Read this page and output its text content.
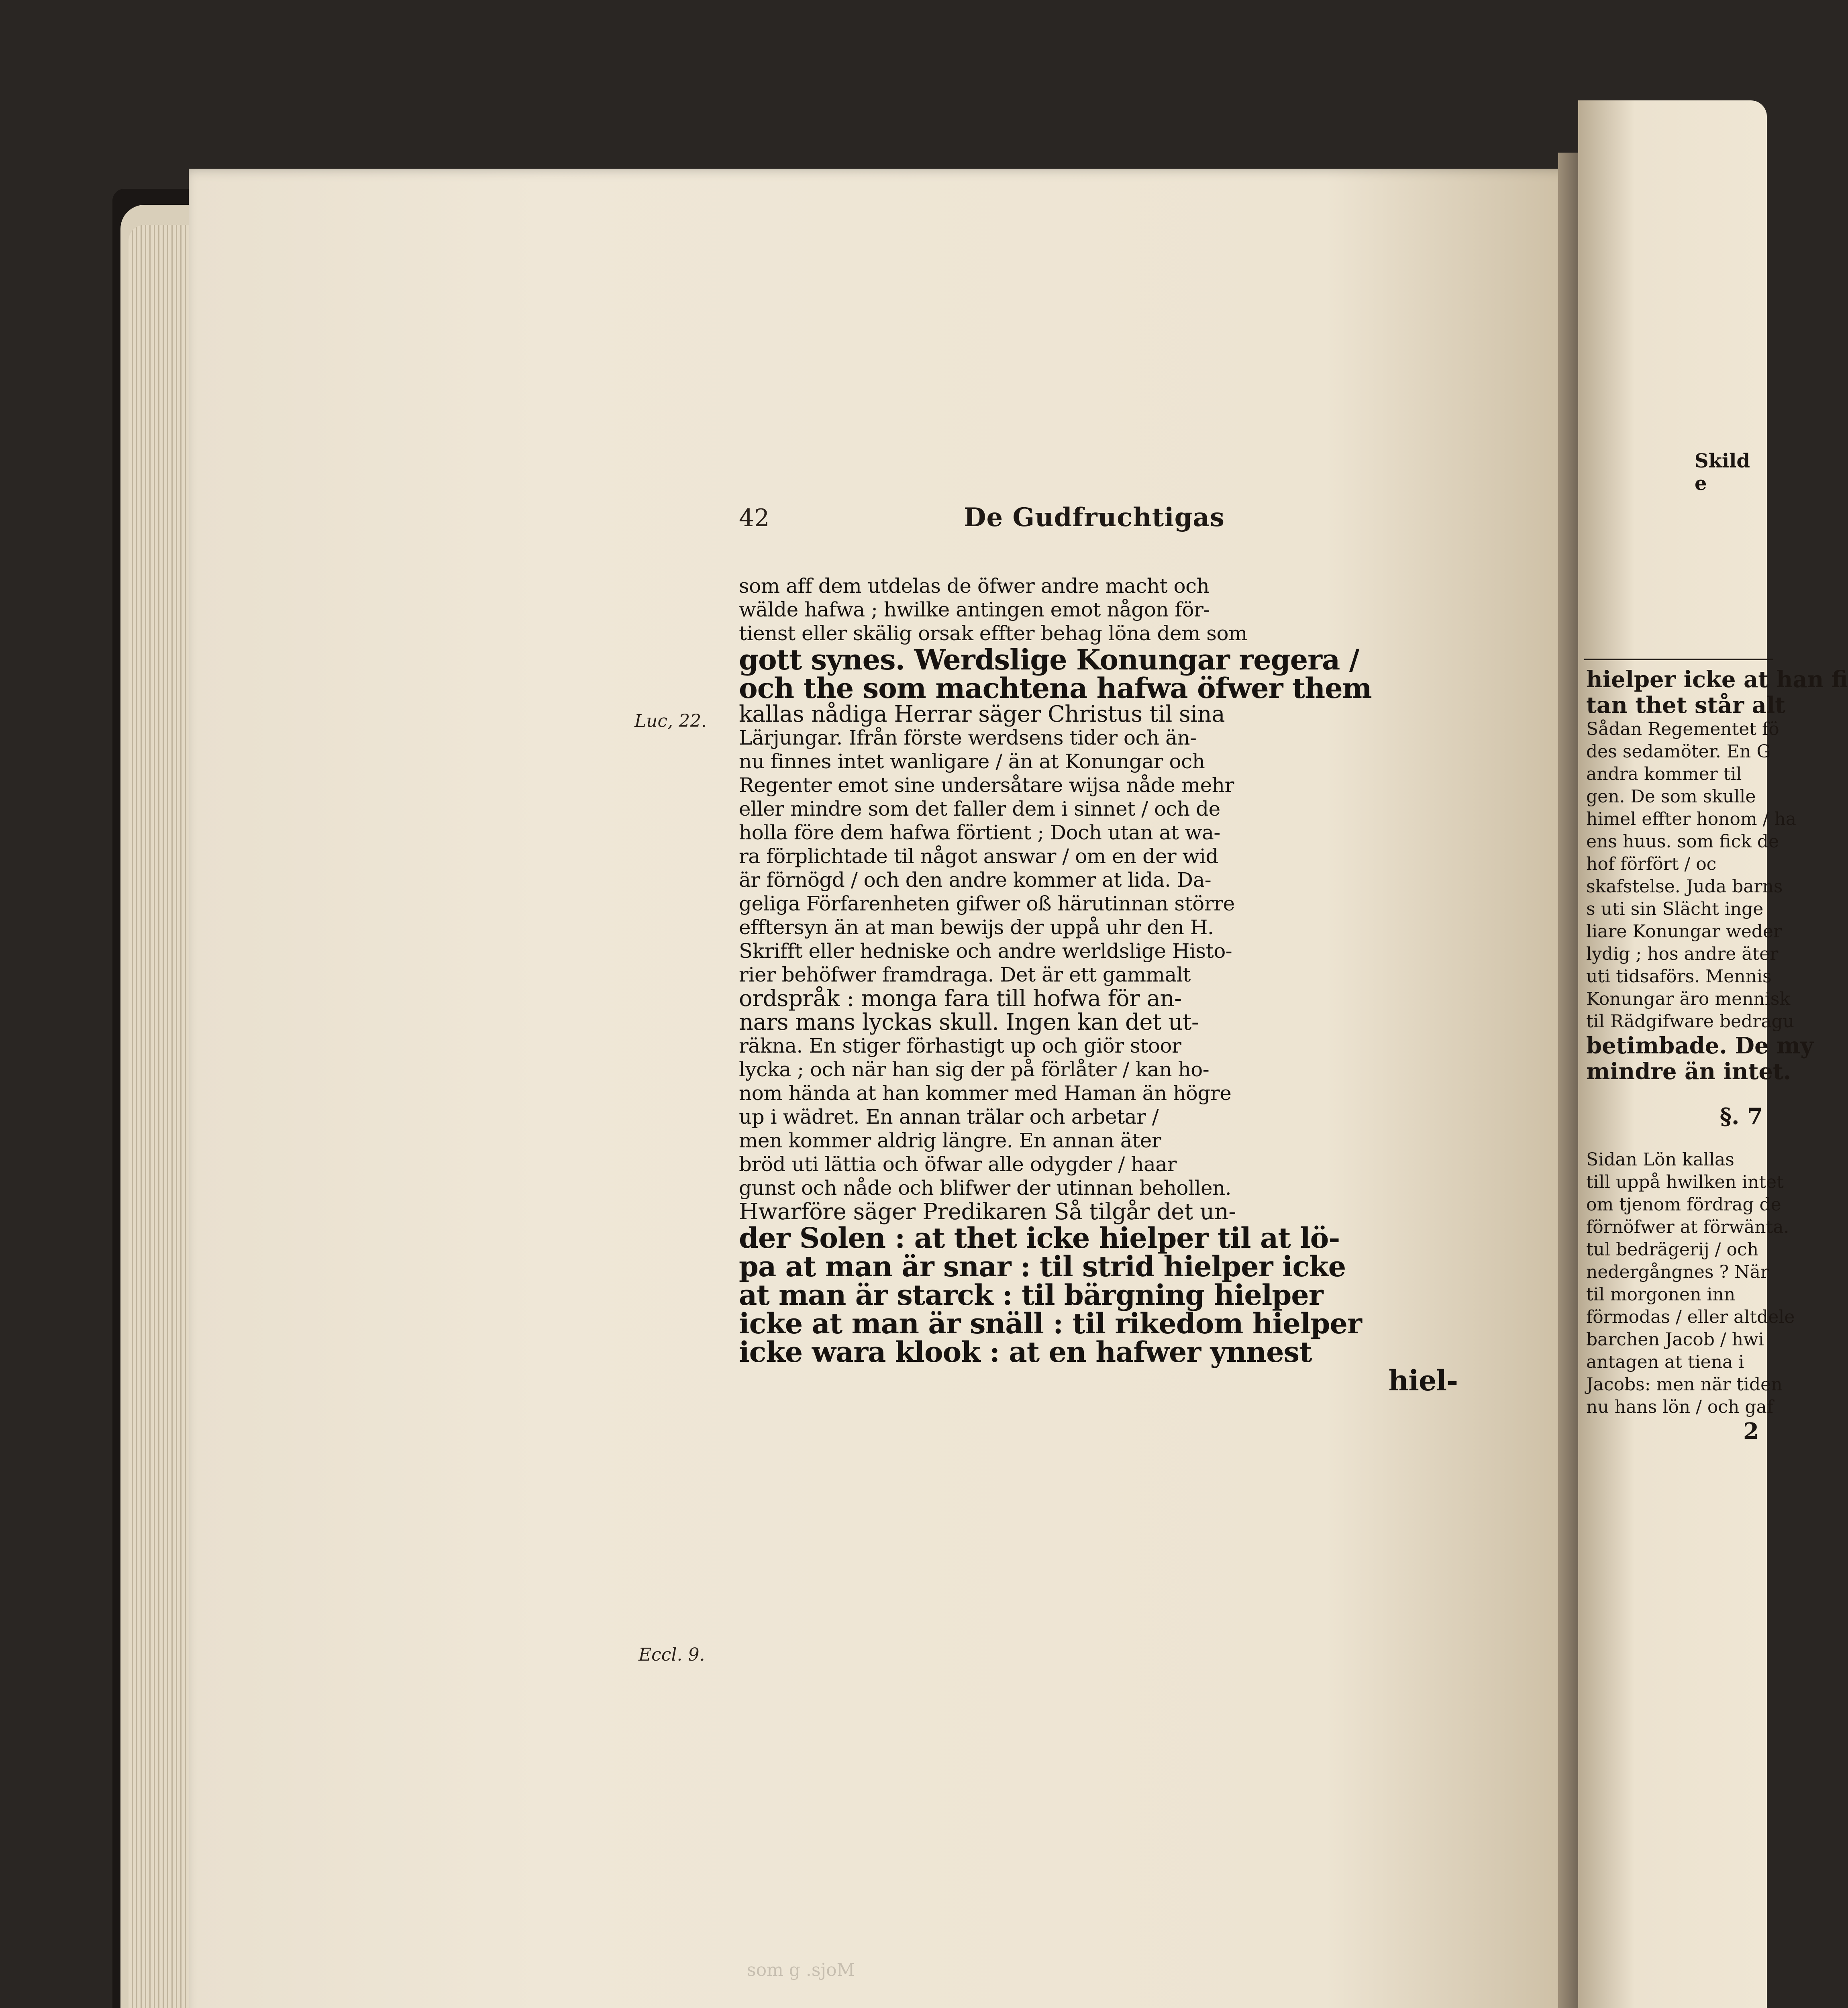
42	De Gudfruchtigas
Luc, 22.
Eccl. 9.
som aff dem utdelas de öfwer andre macht och
wälde hafwa ; hwilke antingen emot någon för-
tienst eller skälig orsak effter behag löna dem som
gott synes. Werdslige Konungar regera /
och the som machtena hafwa öfwer them
kallas nådiga Herrar säger Christus til sina
Lärjungar. Ifrån förste werdsens tider och än-
nu finnes intet wanligare / än at Konungar och
Regenter emot sine undersåtare wijsa nåde mehr
eller mindre som det faller dem i sinnet / och de
holla före dem hafwa förtient ; Doch utan at wa-
ra förplichtade til något answar / om en der wid
är förnögd / och den andre kommer at lida. Da-
geliga Förfarenheten gifwer oß härutinnan större
efftersyn än at man bewijs der uppå uhr den H.
Skrifft eller hedniske och andre werldslige Histo-
rier behöfwer framdraga. Det är ett gammalt
ordspråk : monga fara till hofwa för an-
nars mans lyckas skull. Ingen kan det ut-
räkna. En stiger förhastigt up och giör stoor
lycka ; och när han sig der på förlåter / kan ho-
nom hända at han kommer med Haman än högre
up i wädret. En annan trälar och arbetar /
men kommer aldrig längre. En annan äter
bröd uti lättia och öfwar alle odygder / haar
gunst och nåde och blifwer der utinnan behollen.
Hwarföre säger Predikaren Så tilgår det un-
der Solen : at thet icke hielper til at lö-
pa at man är snar : til strid hielper icke
at man är starck : til bärgning hielper
icke at man är snäll : til rikedom hielper
icke wara klook : at en hafwer ynnest
hiel-
som g .sjoM
Skild e
hielper icke at han fi
tan thet står alt
Sådan Regementet fö
des sedamöter. En G
andra kommer til
gen. De som skulle
himel effter honom / ha
ens huus. som fick de
hof förfört / oc
skafstelse. Juda barns
s uti sin Slächt inge
liare Konungar weder
lydig ; hos andre äter
uti tidsaförs. Mennis
Konungar äro mennisk
til Rädgifware bedragu
betimbade. De my
mindre än intet.
§. 7
Sidan Lön kallas
till uppå hwilken intet
om tjenom fördrag de
förnöfwer at förwänta.
tul bedrägerij / och
nedergångnes ? När
til morgonen inn
förmodas / eller altdele
barchen Jacob / hwi
antagen at tiena i
Jacobs: men när tiden
nu hans lön / och gaf
2
